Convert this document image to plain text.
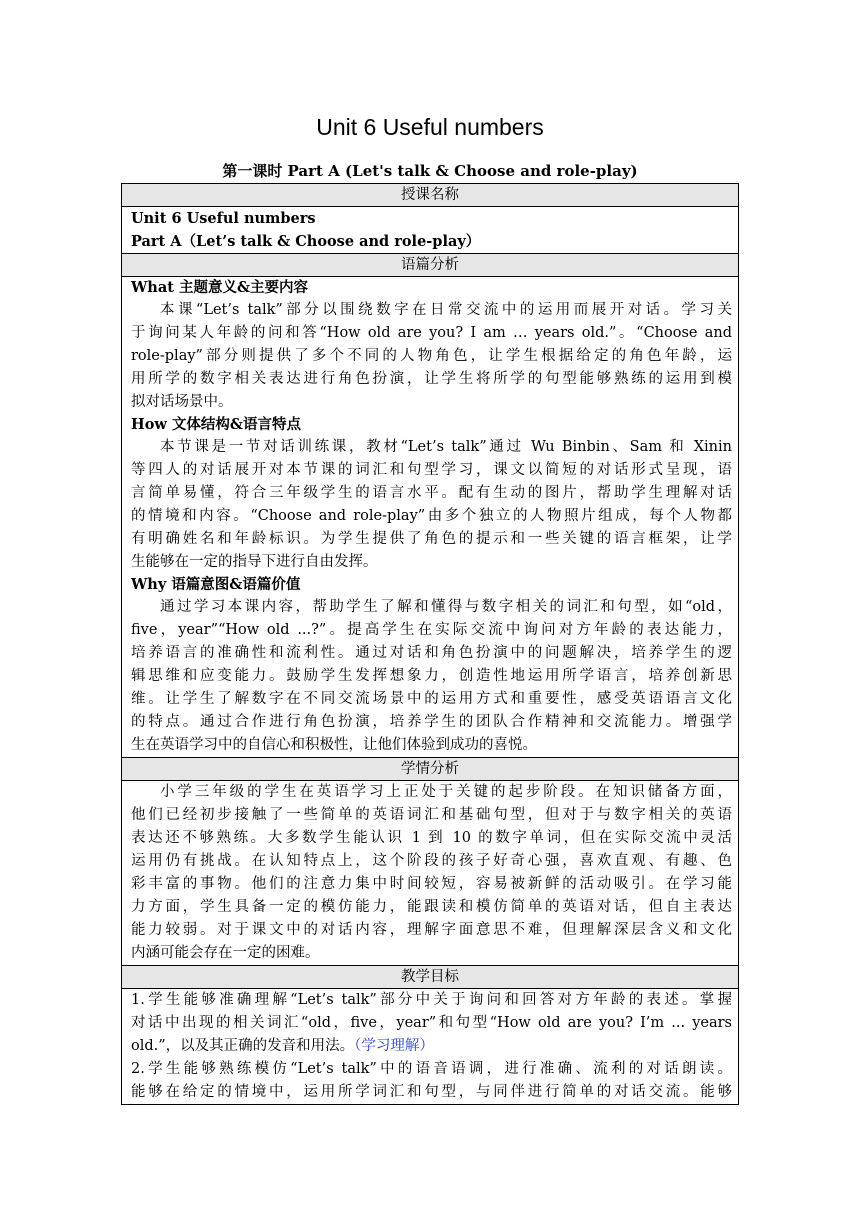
Unit 6 Useful numbers
第一课时 Part A (Let's talk & Choose and role-play)
授课名称

Unit 6 Useful numbers
Part A（Let’s talk & Choose and role-play）

语篇分析

What 主题意义&主要内容
本课“Let’s talk”部分以围绕数字在日常交流中的运用而展开对话。学习关
于询问某人年龄的问和答“How old are you? I am … years old.”。“Choose and
role-play”部分则提供了多个不同的人物角色，让学生根据给定的角色年龄，运
用所学的数字相关表达进行角色扮演，让学生将所学的句型能够熟练的运用到模
拟对话场景中。
How 文体结构&语言特点
本节课是一节对话训练课，教材“Let’s talk”通过 Wu Binbin、Sam 和 Xinin
等四人的对话展开对本节课的词汇和句型学习，课文以简短的对话形式呈现，语
言简单易懂，符合三年级学生的语言水平。配有生动的图片，帮助学生理解对话
的情境和内容。“Choose and role-play”由多个独立的人物照片组成，每个人物都
有明确姓名和年龄标识。为学生提供了角色的提示和一些关键的语言框架，让学
生能够在一定的指导下进行自由发挥。
Why 语篇意图&语篇价值
通过学习本课内容，帮助学生了解和懂得与数字相关的词汇和句型，如“old，
five，year”“How old ...?”。提高学生在实际交流中询问对方年龄的表达能力，
培养语言的准确性和流利性。通过对话和角色扮演中的问题解决，培养学生的逻
辑思维和应变能力。鼓励学生发挥想象力，创造性地运用所学语言，培养创新思
维。让学生了解数字在不同交流场景中的运用方式和重要性，感受英语语言文化
的特点。通过合作进行角色扮演，培养学生的团队合作精神和交流能力。增强学
生在英语学习中的自信心和积极性，让他们体验到成功的喜悦。

学情分析

小学三年级的学生在英语学习上正处于关键的起步阶段。在知识储备方面，
他们已经初步接触了一些简单的英语词汇和基础句型，但对于与数字相关的英语
表达还不够熟练。大多数学生能认识 1 到 10 的数字单词，但在实际交流中灵活
运用仍有挑战。在认知特点上，这个阶段的孩子好奇心强，喜欢直观、有趣、色
彩丰富的事物。他们的注意力集中时间较短，容易被新鲜的活动吸引。在学习能
力方面，学生具备一定的模仿能力，能跟读和模仿简单的英语对话，但自主表达
能力较弱。对于课文中的对话内容，理解字面意思不难，但理解深层含义和文化
内涵可能会存在一定的困难。

教学目标

1.学生能够准确理解“Let’s talk”部分中关于询问和回答对方年龄的表述。掌握
对话中出现的相关词汇“old，five，year”和句型“How old are you? I’m ... years
old.”，以及其正确的发音和用法。（学习理解）
2.学生能够熟练模仿“Let’s talk”中的语音语调，进行准确、流利的对话朗读。
能够在给定的情境中，运用所学词汇和句型，与同伴进行简单的对话交流。能够
